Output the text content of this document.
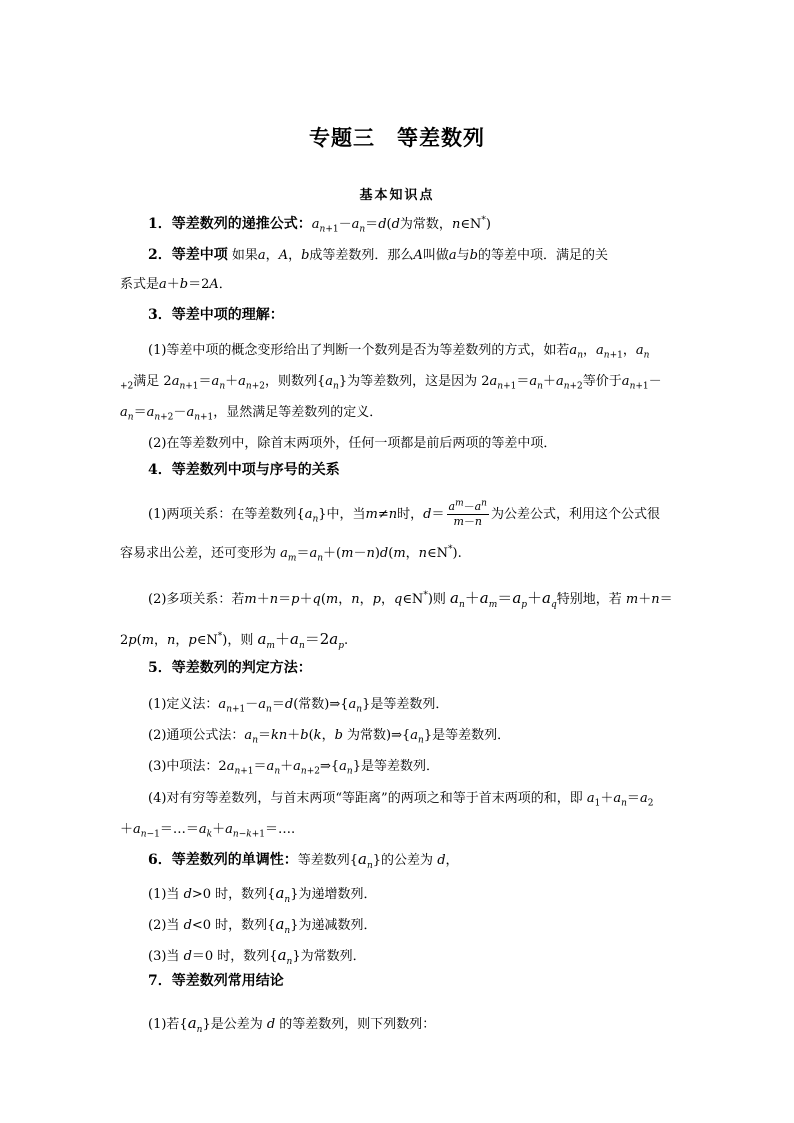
专题三　等差数列
基本知识点
1．等差数列的递推公式：$a_{n+1}-a_n=d(d$为常数，n∈N*)
2．等差中项 如果a，A，b成等差数列．那么A叫做a与b的等差中项．满足的关
系式是a＋b＝2A．
3．等差中项的理解：
(1)等差中项的概念变形给出了判断一个数列是否为等差数列的方式，如若$a_n$，$a_{n+1}$，$a_n$
$_{+2}$满足 $2a_{n+1}=a_n+a_{n+2}$，则数列$\{a_n\}$为等差数列，这是因为 $2a_{n+1}=a_n+a_{n+2}$等价于$a_{n+1}-$
$a_n=a_{n+2}-a_{n+1}$，显然满足等差数列的定义．
(2)在等差数列中，除首末两项外，任何一项都是前后两项的等差中项．
4．等差数列中项与序号的关系
(1)两项关系：在等差数列$\{a_n\}$中，当m≠n时，$d= \frac{a^m-a^n}{m-n}$ 为公差公式，利用这个公式很
容易求出公差，还可变形为 $a_m=a_n+(m-n)d(m$，n∈N*).
(2)多项关系：若m＋n＝p＋q(m，n，p，q∈N*)则 $a_n+a_m=a_p+a_q$特别地，若 m＋n＝
2p(m，n，p∈N*)，则 $a_m+a_n=2a_p$.
5．等差数列的判定方法：
(1)定义法：$a_{n+1}-a_n=d$(常数)$\Rightarrow\{a_n\}$是等差数列．
(2)通项公式法：$a_n=kn+b(k$，b 为常数)$\Rightarrow\{a_n\}$是等差数列．
(3)中项法：$2a_{n+1}=a_n+a_{n+2}\Rightarrow\{a_n\}$是等差数列．
(4)对有穷等差数列，与首末两项“等距离”的两项之和等于首末两项的和，即 $a_1+a_n=a_2$
$+a_{n-1}=\dots=a_k+a_{n-k+1}=\dots$.
6．等差数列的单调性：等差数列$\{a_n\}$的公差为 d，
(1)当 d>0 时，数列$\{a_n\}$为递增数列．
(2)当 d<0 时，数列$\{a_n\}$为递减数列．
(3)当 d＝0 时，数列$\{a_n\}$为常数列．
7．等差数列常用结论
(1)若$\{a_n\}$是公差为 d 的等差数列，则下列数列：
